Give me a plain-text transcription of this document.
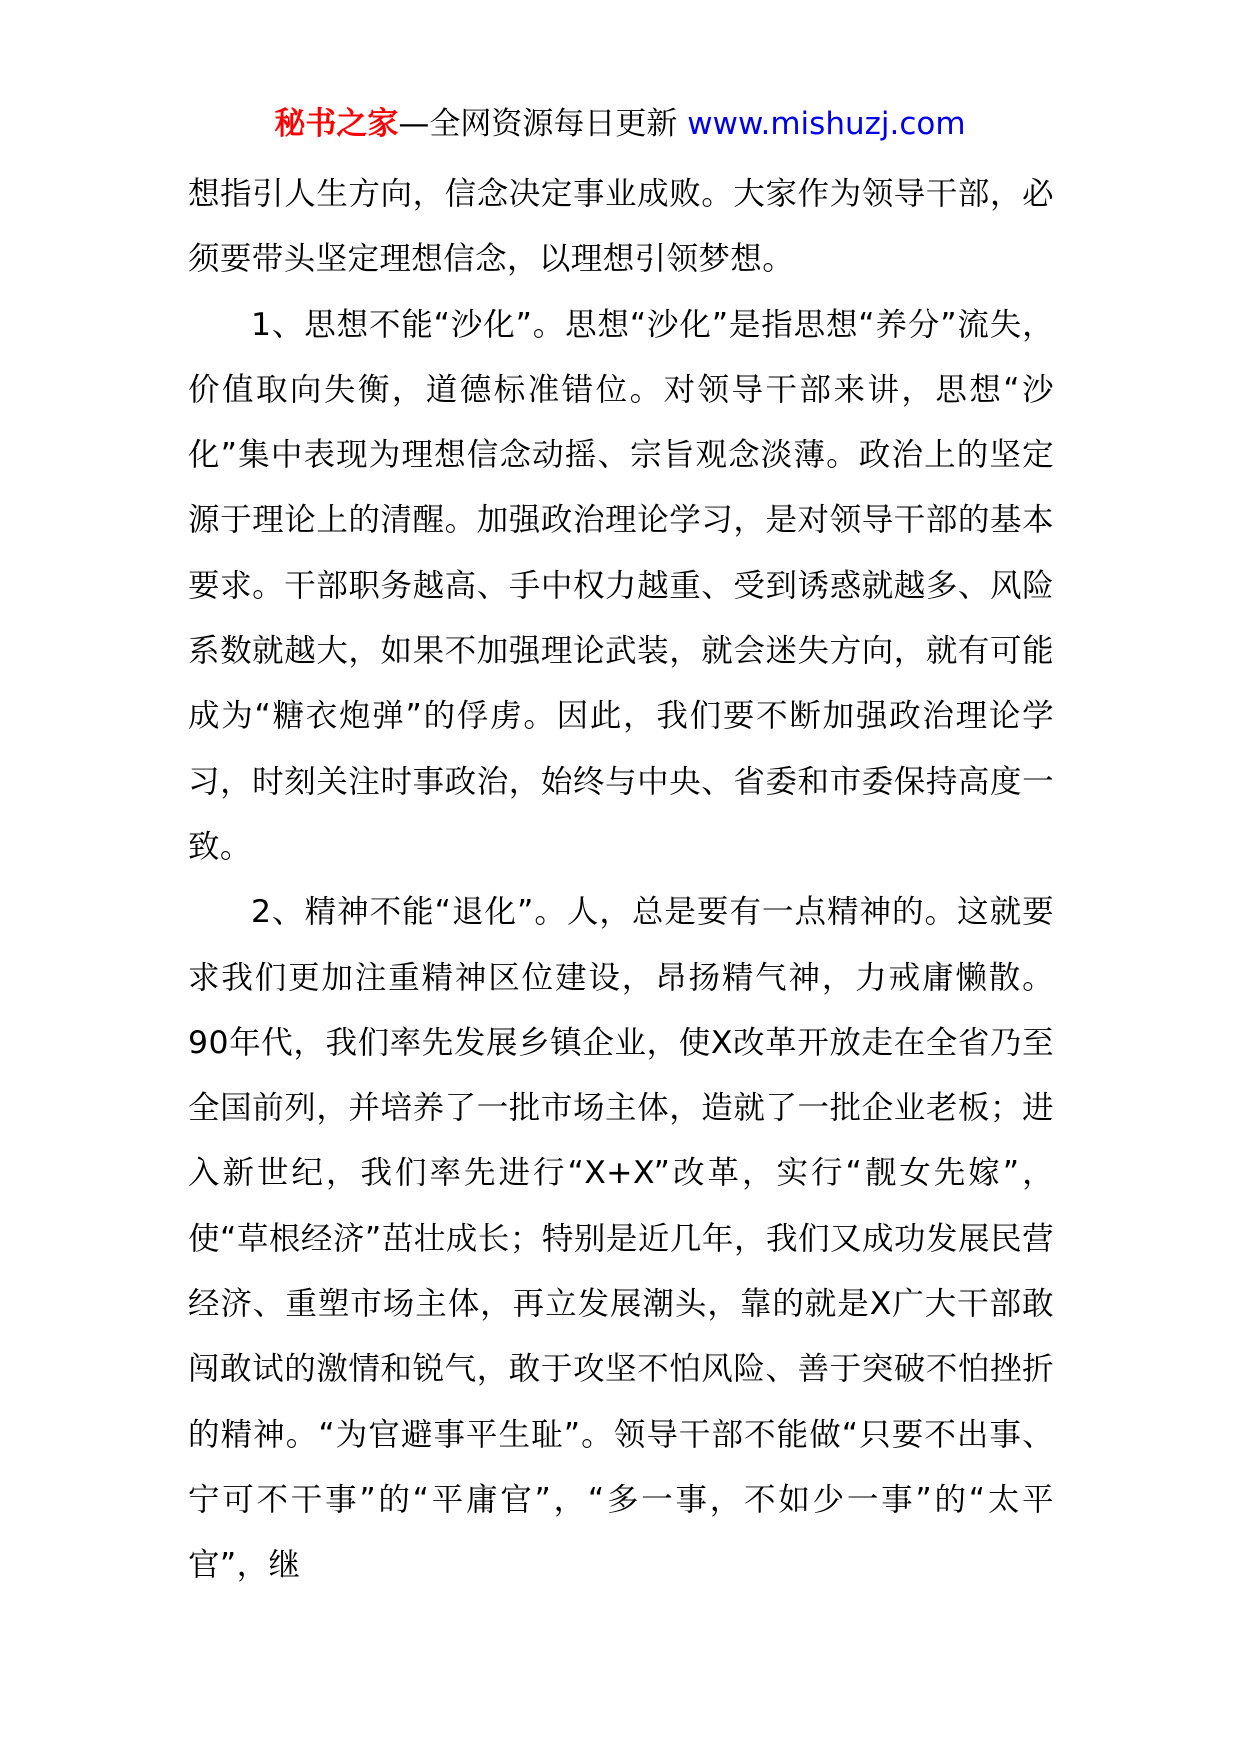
秘书之家—全网资源每日更新 www.mishuzj.com

想指引人生方向，信念决定事业成败。大家作为领导干部，必须要带头坚定理想信念，以理想引领梦想。

1、思想不能“沙化”。思想“沙化”是指思想“养分”流失，价值取向失衡，道德标准错位。对领导干部来讲，思想“沙化”集中表现为理想信念动摇、宗旨观念淡薄。政治上的坚定源于理论上的清醒。加强政治理论学习，是对领导干部的基本要求。干部职务越高、手中权力越重、受到诱惑就越多、风险系数就越大，如果不加强理论武装，就会迷失方向，就有可能成为“糖衣炮弹”的俘虏。因此，我们要不断加强政治理论学习，时刻关注时事政治，始终与中央、省委和市委保持高度一致。

2、精神不能“退化”。人，总是要有一点精神的。这就要求我们更加注重精神区位建设，昂扬精气神，力戒庸懒散。90年代，我们率先发展乡镇企业，使X改革开放走在全省乃至全国前列，并培养了一批市场主体，造就了一批企业老板；进入新世纪，我们率先进行“X+X”改革，实行“靓女先嫁”，使“草根经济”茁壮成长；特别是近几年，我们又成功发展民营经济、重塑市场主体，再立发展潮头，靠的就是X广大干部敢闯敢试的激情和锐气，敢于攻坚不怕风险、善于突破不怕挫折的精神。“为官避事平生耻”。领导干部不能做“只要不出事、宁可不干事”的“平庸官”，“多一事，不如少一事”的“太平官”，继
